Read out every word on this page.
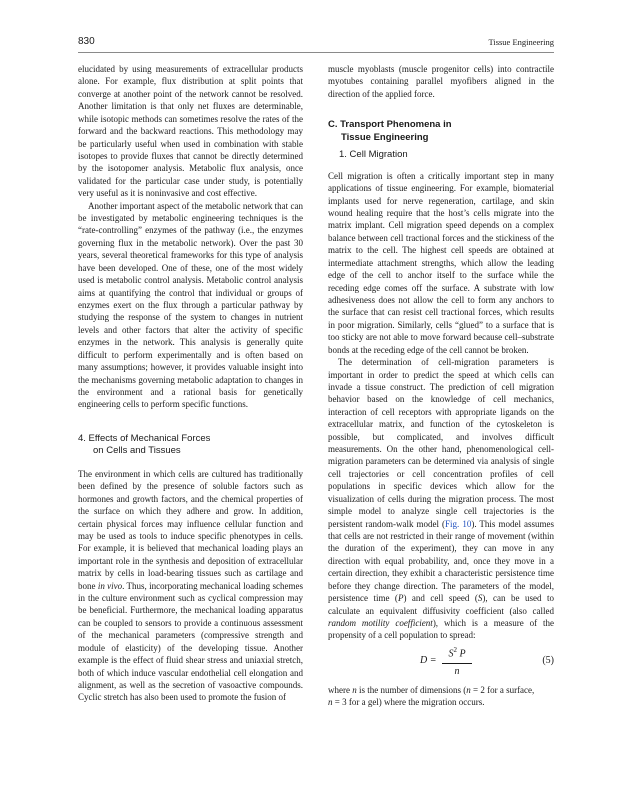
830	Tissue Engineering

elucidated by using measurements of extracellular products alone. For example, flux distribution at split points that converge at another point of the network cannot be resolved. Another limitation is that only net fluxes are determinable, while isotopic methods can sometimes resolve the rates of the forward and the backward reactions. This methodology may be particularly useful when used in combination with stable isotopes to provide fluxes that cannot be directly determined by the isotopomer analysis. Metabolic flux analysis, once validated for the particular case under study, is potentially very useful as it is noninvasive and cost effective.

Another important aspect of the metabolic network that can be investigated by metabolic engineering techniques is the “rate-controlling” enzymes of the pathway (i.e., the enzymes governing flux in the metabolic network). Over the past 30 years, several theoretical frameworks for this type of analysis have been developed. One of these, one of the most widely used is metabolic control analysis. Metabolic control analysis aims at quantifying the control that individual or groups of enzymes exert on the flux through a particular pathway by studying the response of the system to changes in nutrient levels and other factors that alter the activity of specific enzymes in the network. This analysis is generally quite difficult to perform experimentally and is often based on many assumptions; however, it provides valuable insight into the mechanisms governing metabolic adaptation to changes in the environment and a rational basis for genetically engineering cells to perform specific functions.

4. Effects of Mechanical Forces
on Cells and Tissues

The environment in which cells are cultured has traditionally been defined by the presence of soluble factors such as hormones and growth factors, and the chemical properties of the surface on which they adhere and grow. In addition, certain physical forces may influence cellular function and may be used as tools to induce specific phenotypes in cells. For example, it is believed that mechanical loading plays an important role in the synthesis and deposition of extracellular matrix by cells in load-bearing tissues such as cartilage and bone in vivo. Thus, incorporating mechanical loading schemes in the culture environment such as cyclical compression may be beneficial. Furthermore, the mechanical loading apparatus can be coupled to sensors to provide a continuous assessment of the mechanical parameters (compressive strength and module of elasticity) of the developing tissue. Another example is the effect of fluid shear stress and uniaxial stretch, both of which induce vascular endothelial cell elongation and alignment, as well as the secretion of vasoactive compounds. Cyclic stretch has also been used to promote the fusion of

muscle myoblasts (muscle progenitor cells) into contractile myotubes containing parallel myofibers aligned in the direction of the applied force.

C. Transport Phenomena in
Tissue Engineering

1. Cell Migration

Cell migration is often a critically important step in many applications of tissue engineering. For example, biomaterial implants used for nerve regeneration, cartilage, and skin wound healing require that the host’s cells migrate into the matrix implant. Cell migration speed depends on a complex balance between cell tractional forces and the stickiness of the matrix to the cell. The highest cell speeds are obtained at intermediate attachment strengths, which allow the leading edge of the cell to anchor itself to the surface while the receding edge comes off the surface. A substrate with low adhesiveness does not allow the cell to form any anchors to the surface that can resist cell tractional forces, which results in poor migration. Similarly, cells “glued” to a surface that is too sticky are not able to move forward because cell–substrate bonds at the receding edge of the cell cannot be broken.

The determination of cell-migration parameters is important in order to predict the speed at which cells can invade a tissue construct. The prediction of cell migration behavior based on the knowledge of cell mechanics, interaction of cell receptors with appropriate ligands on the extracellular matrix, and function of the cytoskeleton is possible, but complicated, and involves difficult measurements. On the other hand, phenomenological cell-migration parameters can be determined via analysis of single cell trajectories or cell concentration profiles of cell populations in specific devices which allow for the visualization of cells during the migration process. The most simple model to analyze single cell trajectories is the persistent random-walk model (Fig. 10). This model assumes that cells are not restricted in their range of movement (within the duration of the experiment), they can move in any direction with equal probability, and, once they move in a certain direction, they exhibit a characteristic persistence time before they change direction. The parameters of the model, persistence time (P) and cell speed (S), can be used to calculate an equivalent diffusivity coefficient (also called random motility coefficient), which is a measure of the propensity of a cell population to spread:

D =
$S^2$ P
n
(5)

where n is the number of dimensions (n = 2 for a surface,
n = 3 for a gel) where the migration occurs.
